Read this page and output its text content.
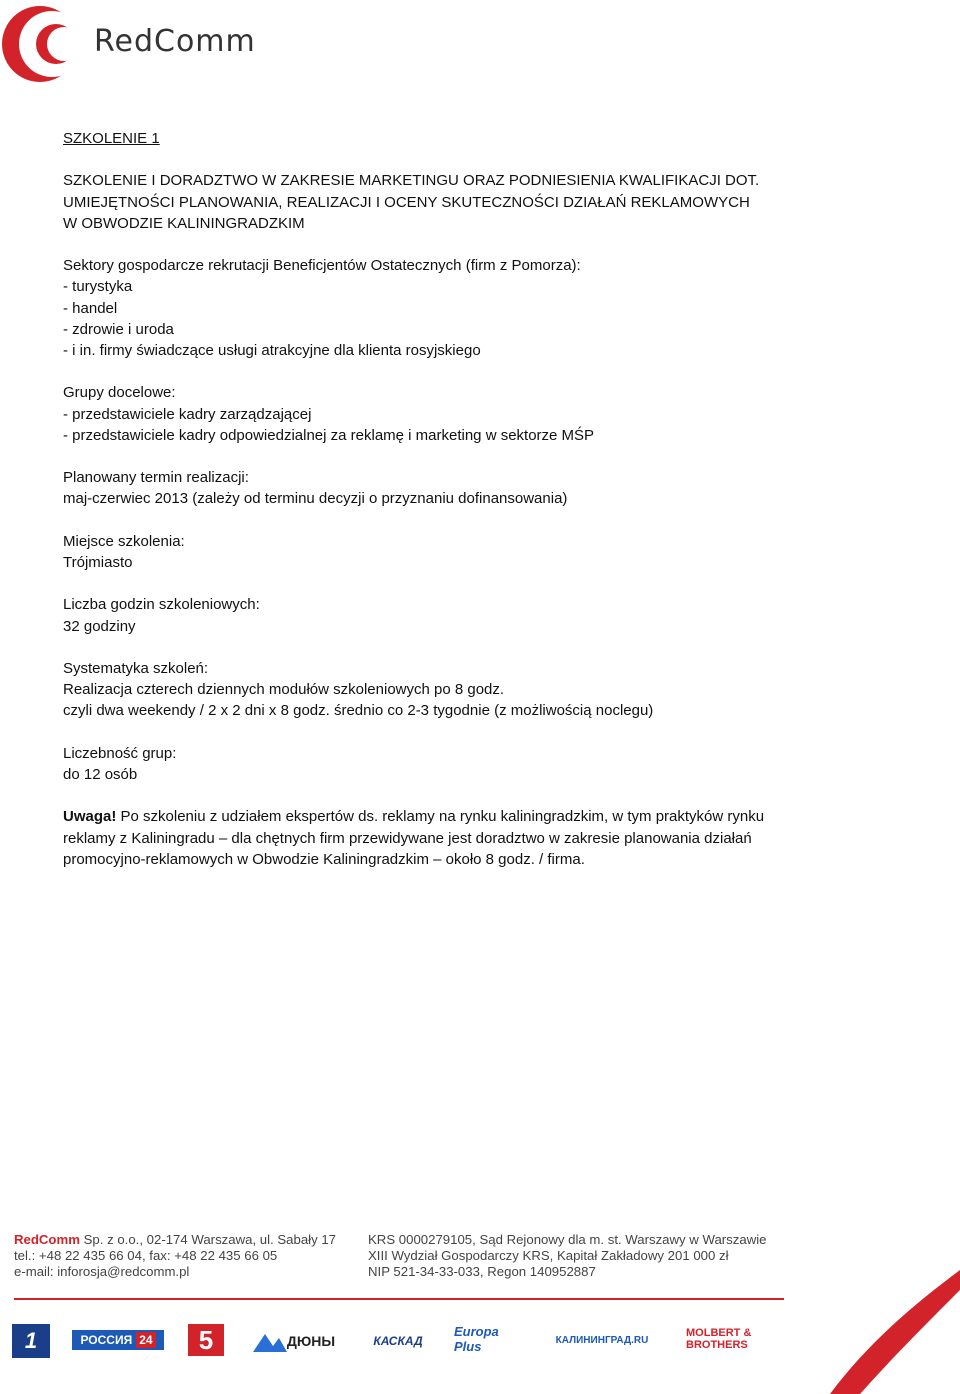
RedComm

SZKOLENIE 1

SZKOLENIE I DORADZTWO W ZAKRESIE MARKETINGU ORAZ PODNIESIENIA KWALIFIKACJI DOT.

UMIEJĘTNOŚCI PLANOWANIA, REALIZACJI I OCENY SKUTECZNOŚCI DZIAŁAŃ REKLAMOWYCH

W OBWODZIE KALININGRADZKIM

Sektory gospodarcze rekrutacji Beneficjentów Ostatecznych (firm z Pomorza):

- turystyka

- handel

- zdrowie i uroda

- i in. firmy świadczące usługi atrakcyjne dla klienta rosyjskiego

Grupy docelowe:

- przedstawiciele kadry zarządzającej

- przedstawiciele kadry odpowiedzialnej za reklamę i marketing w sektorze MŚP

Planowany termin realizacji:

maj-czerwiec 2013 (zależy od terminu decyzji o przyznaniu dofinansowania)

Miejsce szkolenia:

Trójmiasto

Liczba godzin szkoleniowych:

32 godziny

Systematyka szkoleń:

Realizacja czterech dziennych modułów szkoleniowych po 8 godz.

czyli dwa weekendy / 2 x 2 dni x 8 godz. średnio co 2-3 tygodnie (z możliwością noclegu)

Liczebność grup:

do 12 osób

Uwaga! Po szkoleniu z udziałem ekspertów ds. reklamy na rynku kaliningradzkim, w tym praktyków rynku

reklamy z Kaliningradu – dla chętnych firm przewidywane jest doradztwo w zakresie planowania działań

promocyjno-reklamowych w Obwodzie Kaliningradzkim – około 8 godz. / firma.

RedComm Sp. z o.o., 02-174 Warszawa, ul. Sabały 17
tel.: +48 22 435 66 04, fax: +48 22 435 66 05
e-mail: inforosja@redcomm.pl
KRS 0000279105, Sąd Rejonowy dla m. st. Warszawy w Warszawie
XIII Wydział Gospodarczy KRS, Kapitał Zakładowy 201 000 zł
NIP 521-34-33-033, Regon 140952887
1	РОССИЯ 24	5	ДЮНЫ	КАСКАД
Europa Plus	КАЛИНИНГРАД.RU
MOLBERT & BROTHERS
